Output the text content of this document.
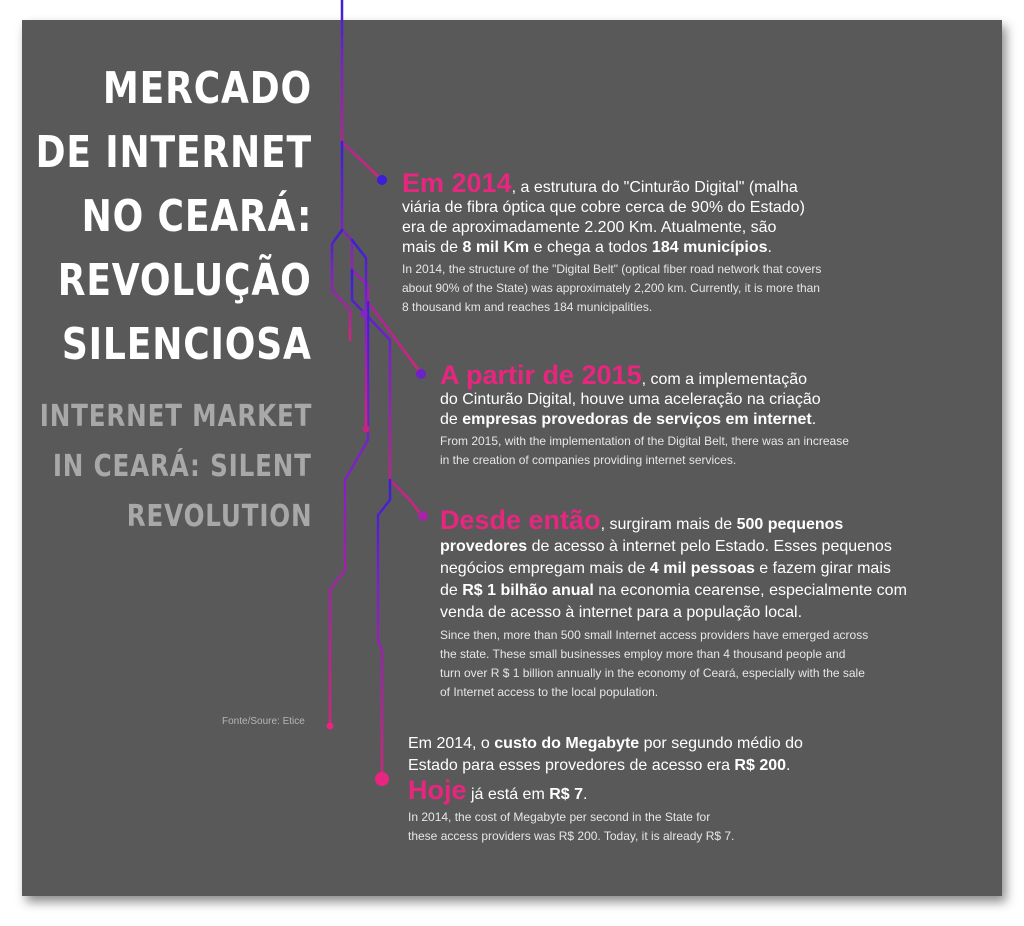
MERCADO
DE INTERNET
NO CEARÁ:
REVOLUÇÃO
SILENCIOSA
INTERNET MARKET
IN CEARÁ: SILENT
REVOLUTION
Fonte/Soure: Etice
Em 2014, a estrutura do "Cinturão Digital" (malha
viária de fibra óptica que cobre cerca de 90% do Estado)
era de aproximadamente 2.200 Km. Atualmente, são
mais de 8 mil Km e chega a todos 184 municípios.
In 2014, the structure of the "Digital Belt" (optical fiber road network that covers
about 90% of the State) was approximately 2,200 km. Currently, it is more than
8 thousand km and reaches 184 municipalities.
A partir de 2015, com a implementação
do Cinturão Digital, houve uma aceleração na criação
de empresas provedoras de serviços em internet.
From 2015, with the implementation of the Digital Belt, there was an increase
in the creation of companies providing internet services.
Desde então, surgiram mais de 500 pequenos
provedores de acesso à internet pelo Estado. Esses pequenos
negócios empregam mais de 4 mil pessoas e fazem girar mais
de R$ 1 bilhão anual na economia cearense, especialmente com
venda de acesso à internet para a população local.
Since then, more than 500 small Internet access providers have emerged across
the state. These small businesses employ more than 4 thousand people and
turn over R $ 1 billion annually in the economy of Ceará, especially with the sale
of Internet access to the local population.
Em 2014, o custo do Megabyte por segundo médio do
Estado para esses provedores de acesso era R$ 200.
Hoje já está em R$ 7.
In 2014, the cost of Megabyte per second in the State for
these access providers was R$ 200. Today, it is already R$ 7.
